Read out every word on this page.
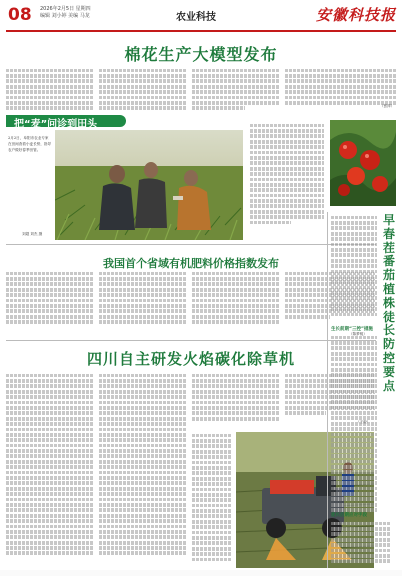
08 2026年2月5日 星期四
编辑 刘小婷 美编 马龙	农业科技	安徽科技报
棉花生产大模型发布
（张萍）
把“麦”问诊到田头
2月2日，阜阳市农业专家在田间查看小麦长势，指导农户做好春季田管。
刘超 刘杰 摄
我国首个省域有机肥料价格指数发布
（陈梦桃）
四川自主研发火焰碳化除草机
早春茬番茄植株徒长防控要点
生长前期“三控”措施
徒长后期应对手段
